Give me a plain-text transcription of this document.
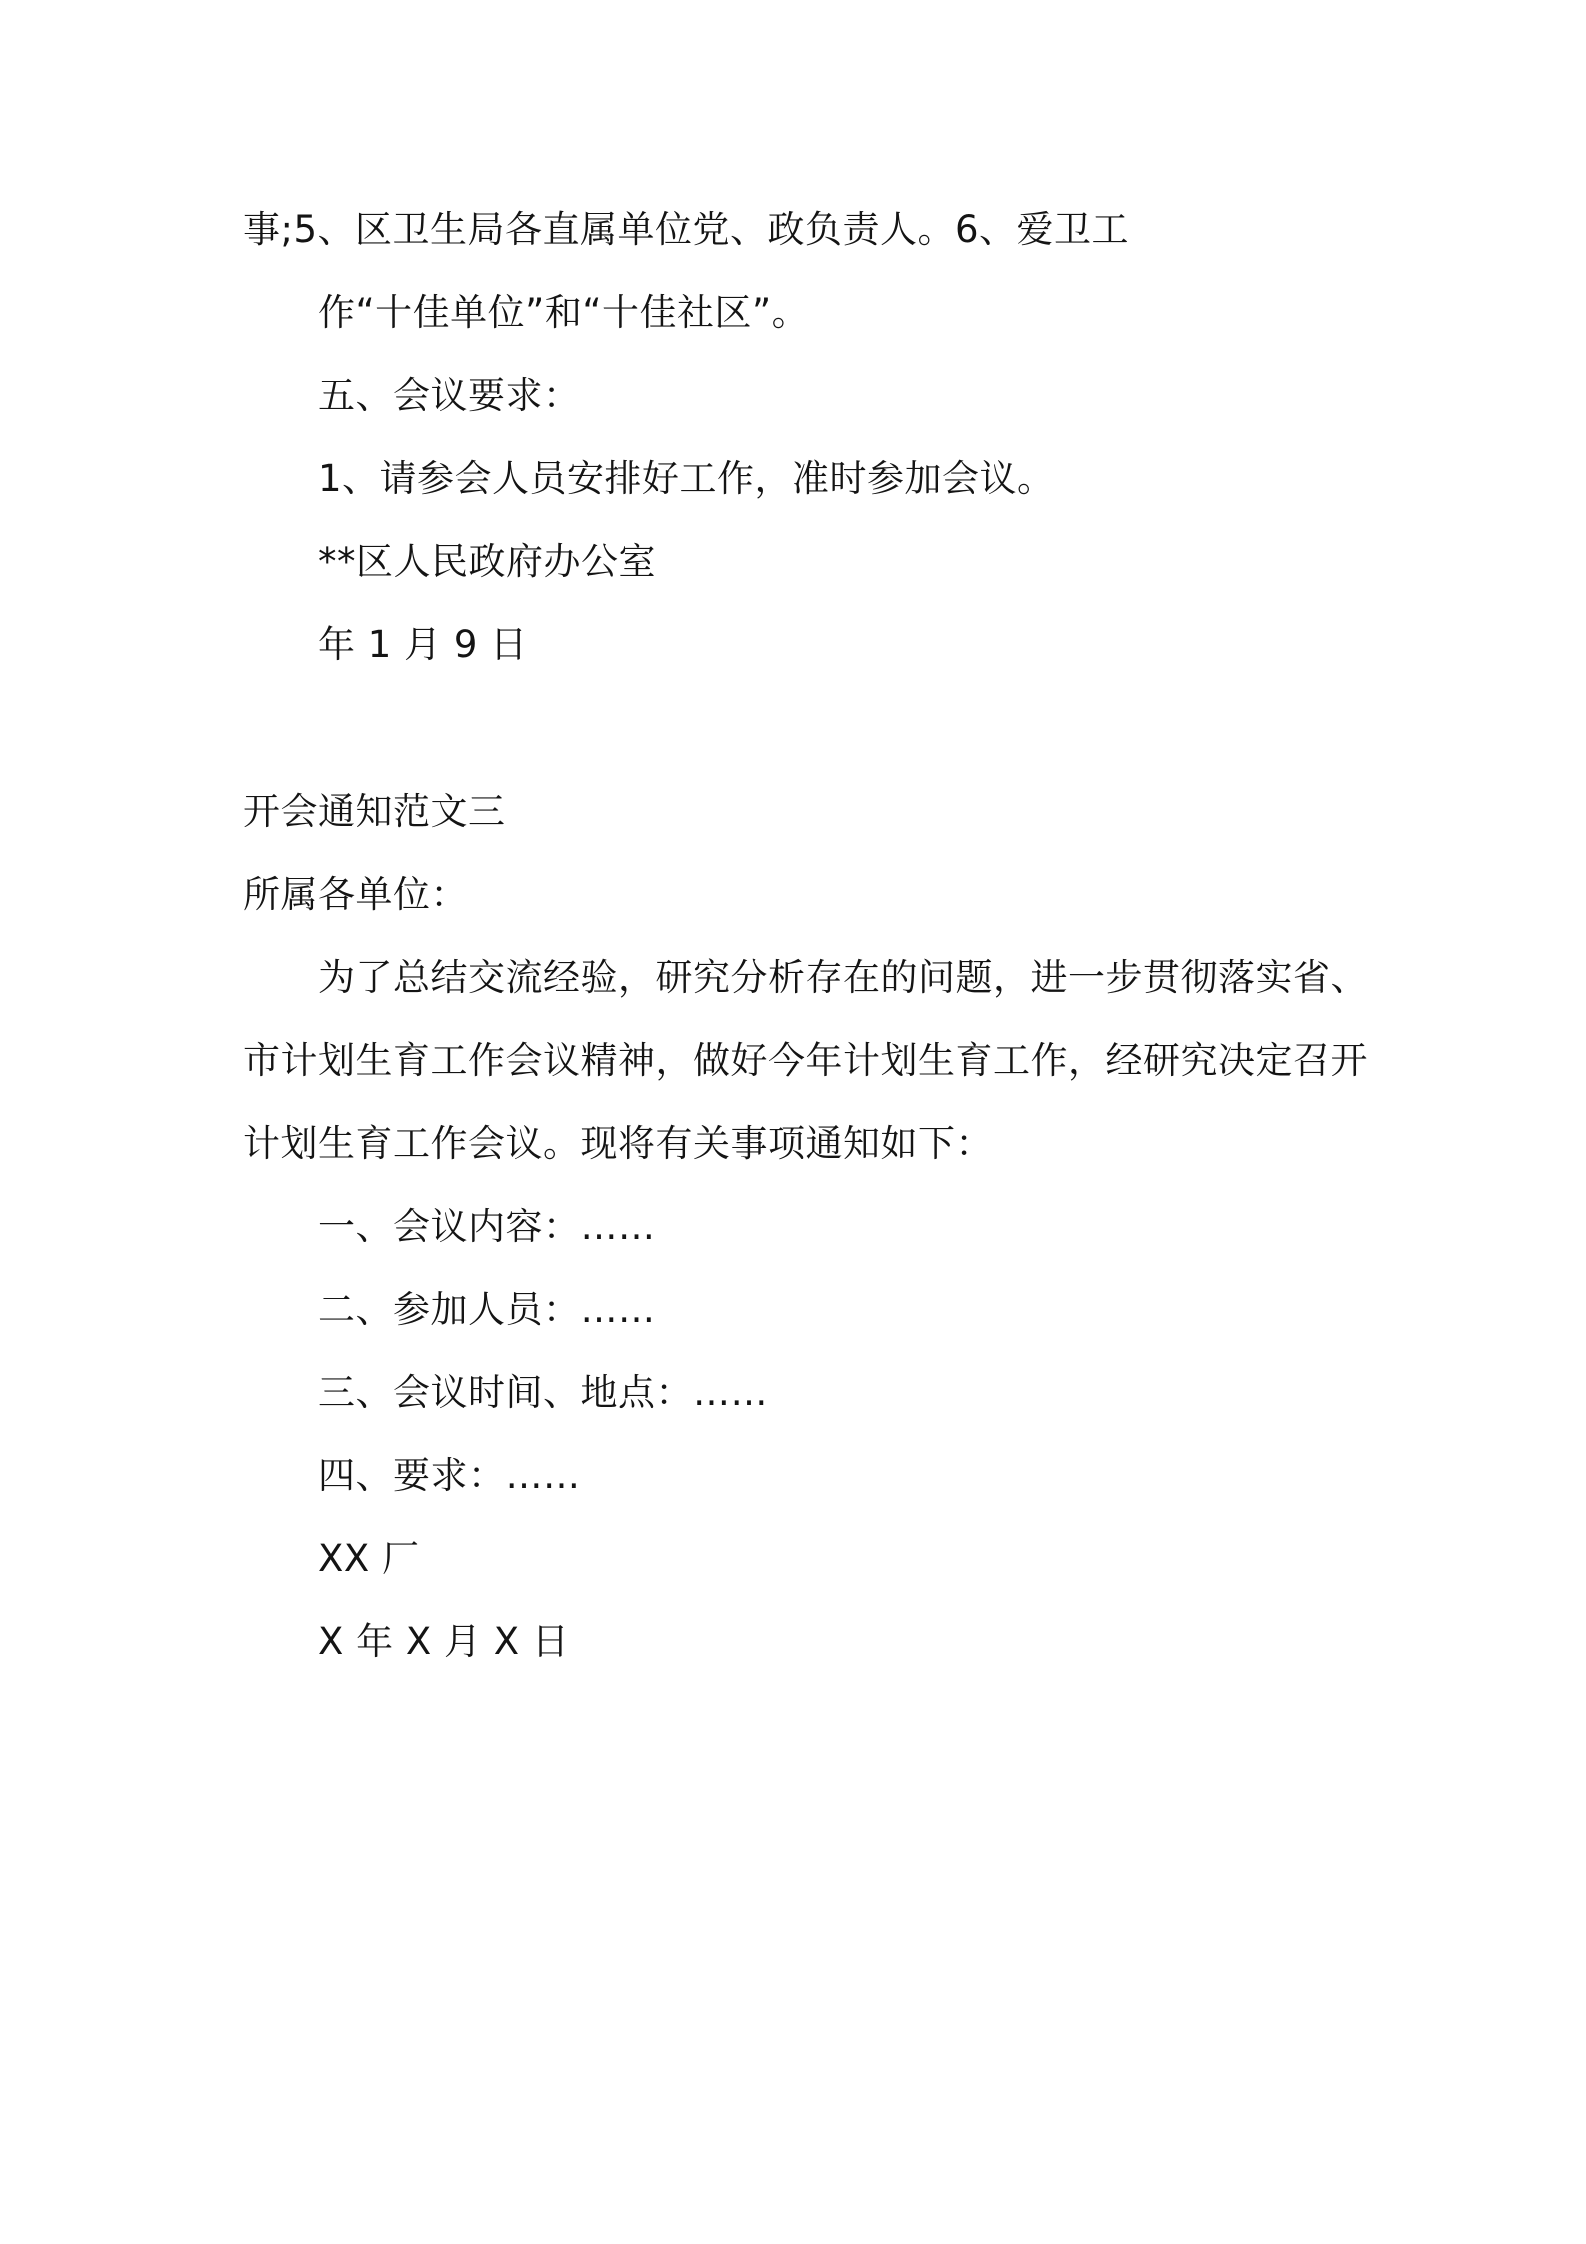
事;5、区卫生局各直属单位党、政负责人。6、爱卫工
作“十佳单位”和“十佳社区”。
五、会议要求：
1、请参会人员安排好工作，准时参加会议。
**区人民政府办公室
年 1 月 9 日
开会通知范文三
所属各单位：
为了总结交流经验，研究分析存在的问题，进一步贯彻落实省、
市计划生育工作会议精神，做好今年计划生育工作，经研究决定召开
计划生育工作会议。现将有关事项通知如下：
一、会议内容：……
二、参加人员：……
三、会议时间、地点：……
四、要求：……
XX 厂
X 年 X 月 X 日
